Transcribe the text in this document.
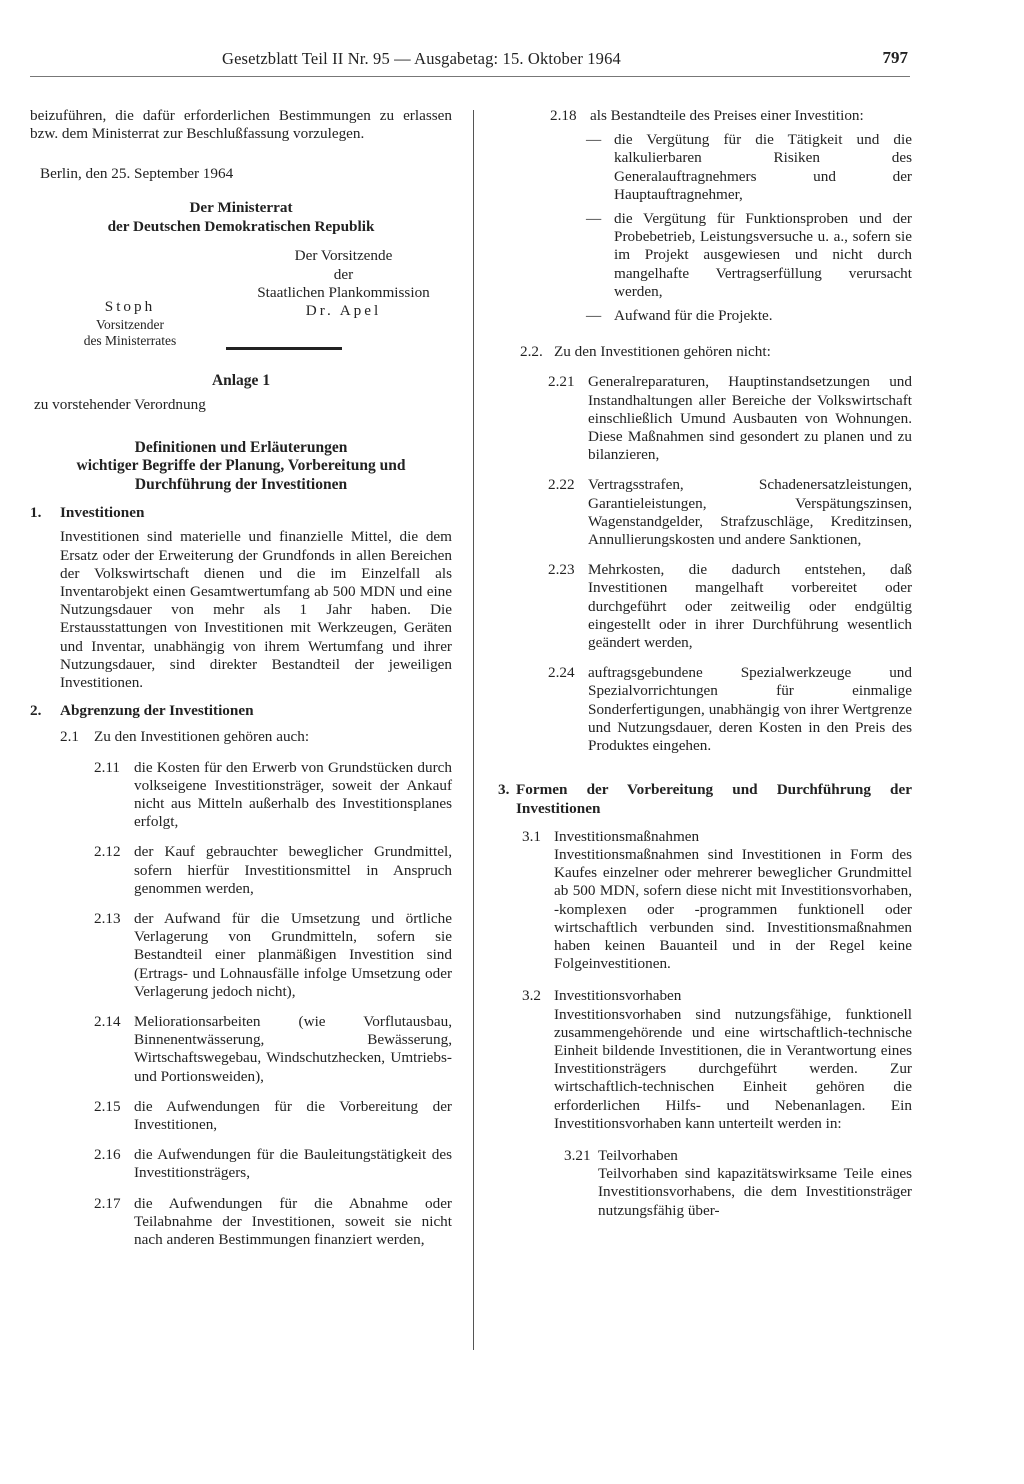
Gesetzblatt Teil II Nr. 95 — Ausgabetag: 15. Oktober 1964	797

beizuführen, die dafür erforderlichen Bestimmungen zu erlassen bzw. dem Ministerrat zur Beschlußfassung vorzulegen.

Berlin, den 25. September 1964
Der Ministerrat
der Deutschen Demokratischen Republik
Der Vorsitzende
der
Staatlichen Plankommission
Dr. Apel
Stoph
Vorsitzender
des Ministerrates
Anlage 1
zu vorstehender Verordnung
Definitionen und Erläuterungen
wichtiger Begriffe der Planung, Vorbereitung und
Durchführung der Investitionen
1.	Investitionen

Investitionen sind materielle und finanzielle Mittel, die dem Ersatz oder der Erweiterung der Grundfonds in allen Bereichen der Volkswirtschaft dienen und die im Einzelfall als Inventarobjekt einen Gesamtwertumfang ab 500 MDN und eine Nutzungsdauer von mehr als 1 Jahr haben. Die Erstausstattungen von Investitionen mit Werkzeugen, Geräten und Inventar, unabhängig von ihrem Wertumfang und ihrer Nutzungsdauer, sind direkter Bestandteil der jeweiligen Investitionen.

2.	Abgrenzung der Investitionen
2.1 Zu den Investitionen gehören auch:
2.11 die Kosten für den Erwerb von Grundstücken durch volkseigene Investitionsträger, soweit der Ankauf nicht aus Mitteln außerhalb des Investitionsplanes erfolgt,
2.12 der Kauf gebrauchter beweglicher Grundmittel, sofern hierfür Investitionsmittel in Anspruch genommen werden,
2.13 der Aufwand für die Umsetzung und örtliche Verlagerung von Grundmitteln, sofern sie Bestandteil einer planmäßigen Investition sind (Ertrags- und Lohnausfälle infolge Umsetzung oder Verlagerung jedoch nicht),
2.14 Meliorationsarbeiten (wie Vorflutausbau, Binnenentwässerung, Bewässerung, Wirtschaftswegebau, Windschutzhecken, Umtriebs- und Portionsweiden),
2.15 die Aufwendungen für die Vorbereitung der Investitionen,
2.16 die Aufwendungen für die Bauleitungstätigkeit des Investitionsträgers,
2.17 die Aufwendungen für die Abnahme oder Teilabnahme der Investitionen, soweit sie nicht nach anderen Bestimmungen finanziert werden,
2.18 als Bestandteile des Preises einer Investition:
— die Vergütung für die Tätigkeit und die kalkulierbaren Risiken des Generalauftragnehmers und der Hauptauftragnehmer,
— die Vergütung für Funktionsproben und der Probebetrieb, Leistungsversuche u. a., sofern sie im Projekt ausgewiesen und nicht durch mangelhafte Vertragserfüllung verursacht werden,
— Aufwand für die Projekte.
2.2. Zu den Investitionen gehören nicht:
2.21 Generalreparaturen, Hauptinstandsetzungen und Instandhaltungen aller Bereiche der Volkswirtschaft einschließlich Umund Ausbauten von Wohnungen. Diese Maßnahmen sind gesondert zu planen und zu bilanzieren,
2.22 Vertragsstrafen, Schadenersatzleistungen, Garantieleistungen, Verspätungszinsen, Wagenstandgelder, Strafzuschläge, Kreditzinsen, Annullierungskosten und andere Sanktionen,
2.23 Mehrkosten, die dadurch entstehen, daß Investitionen mangelhaft vorbereitet oder durchgeführt oder zeitweilig oder endgültig eingestellt oder in ihrer Durchführung wesentlich geändert werden,
2.24 auftragsgebundene Spezialwerkzeuge und Spezialvorrichtungen für einmalige Sonderfertigungen, unabhängig von ihrer Wertgrenze und Nutzungsdauer, deren Kosten in den Preis des Produktes eingehen.
3. Formen der Vorbereitung und Durchführung der Investitionen
3.1 Investitionsmaßnahmen

Investitionsmaßnahmen sind Investitionen in Form des Kaufes einzelner oder mehrerer beweglicher Grundmittel ab 500 MDN, sofern diese nicht mit Investitionsvorhaben, -komplexen oder -programmen funktionell oder wirtschaftlich verbunden sind. Investitionsmaßnahmen haben keinen Bauanteil und in der Regel keine Folgeinvestitionen.

3.2 Investitionsvorhaben

Investitionsvorhaben sind nutzungsfähige, funktionell zusammengehörende und eine wirtschaftlich-technische Einheit bildende Investitionen, die in Verantwortung eines Investitionsträgers durchgeführt werden. Zur wirtschaftlich-technischen Einheit gehören die erforderlichen Hilfs- und Nebenanlagen. Ein Investitionsvorhaben kann unterteilt werden in:

3.21 Teilvorhaben

Teilvorhaben sind kapazitätswirksame Teile eines Investitionsvorhabens, die dem Investitionsträger nutzungsfähig über-
